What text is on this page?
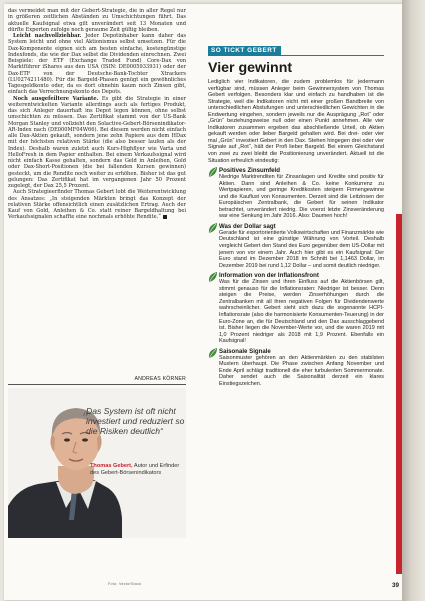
das vermeidet man mit der Gebert-Strategie, die in aller Regel nur in größeren zeitlichen Abständen zu Umschichtungen führt. Das aktuelle Kaufsignal etwa gilt unverändert seit 13 Monaten und dürfte Experten zufolge noch geraume Zeit gültig bleiben.

Leicht nachvollziehbar. Jeder Depotinhaber kann daher das System leicht und ohne viel Aktionismus selbst umsetzen. Für die Dax-Komponente eignen sich am besten einfache, kostengünstige Indexfonds, die wie der Dax selbst die Dividenden einrechnen. Zwei Beispiele: der ETF (Exchange Traded Fund) Core-Dax von Marktführer iShares aus den USA (ISIN: DE0005933931) oder der Dax-ETF von der Deutsche-Bank-Tochter Xtrackers (LU0274211480). Für die Bargeld-Phasen genügt ein gewöhnliches Tagesgeldkonto oder, da es dort ohnehin kaum noch Zinsen gibt, einfach das Verrechnungskonto des Depots.

Noch ausgefeiltere Variante. Es gibt die Strategie in einer weiterentwickelten Variante allerdings auch als fertiges Produkt, das sich Anleger dauerhaft ins Depot legen können, ohne selbst umschichten zu müssen. Das Zertifikat stammt von der US-Bank Morgan Stanley und vollzieht den Solactive-Gebert-Börsenindikator-AR-Index nach (DE000MF04W66). Bei diesem werden nicht einfach alle Dax-Aktien gekauft, sondern jene zehn Papiere aus dem HDax mit der höchsten relativen Stärke (die also besser laufen als der Index). Deshalb waren zuletzt auch Kurs-Highflyer wie Varta und HelloFresh in dem Papier enthalten. Bei einem Verkaufssignal wird nicht einfach Kasse gehalten, sondern das Geld in Anleihen, Gold oder Dax-Short-Positionen (die bei fallenden Kursen gewinnen) gesteckt, um die Rendite noch weiter zu erhöhen. Bisher ist das gut gelungen: Das Zertifikat hat im vergangenen Jahr 50 Prozent zugelegt, der Dax 25,5 Prozent.

Auch Strategieerfinder Thomas Gebert lobt die Weiterentwicklung des Ansatzes: „In steigenden Märkten bringt das Konzept der relativen Stärke offensichtlich einen zusätzlichen Ertrag. Auch der Kauf von Gold, Anleihen & Co. statt reiner Bargeldhaltung bei Verkaufssignalen schaffte eine nochmals erhöhte Rendite.“

ANDREAS KÖRNER
„
Das System ist oft nicht investiert und reduziert so die Risiken deutlich“
Thomas Gebert, Autor und Erfinder des Gebert-Börsenindikators
Foto: VectorStock
SO TICKT GEBERT
Vier gewinnt

Lediglich vier Indikatoren, die zudem problemlos für jedermann verfügbar sind, müssen Anleger beim Gewinnersystem von Thomas Gebert verfolgen. Besonders klar und einfach zu handhaben ist die Strategie, weil die Indikatoren nicht mit einer großen Bandbreite von unterschiedlichen Abstufungen und unterschiedlichen Gewichten in die Endwertung eingehen, sondern jeweils nur die Ausprägung „Rot“ oder „Grün“ beziehungsweise null oder einen Punkt annehmen. Alle vier Indikatoren zusammen ergeben das abschließende Urteil, ob Aktien gekauft werden oder lieber Bargeld gehalten wird. Bei drei- oder vier mal „Grün“ investiert Gebert in den Dax. Stehen hingegen drei oder vier Signale auf „Rot“, hält der Profi lieber Bargeld. Bei einem Gleichstand von zwei zu zwei bleibt die Positionierung unverändert. Aktuell ist die Situation erfreulich eindeutig:

Positives Zinsumfeld

Niedrige Marktrenditen für Zinsanlagen und Kredite sind positiv für Aktien. Dann sind Anleihen & Co. keine Konkurrenz zu Wertpapieren, und geringe Kreditkosten steigern Firmengewinne und die Kauflust von Konsumenten. Derzeit sind die Leitzinsen der Europäischen Zentralbank, die Gebert für seinen Indikator betrachtet, unverändert niedrig. Die voerst letzte Zinsveränderung war eine Senkung im Jahr 2016. Also: Daumen hoch!

Was der Dollar sagt

Gerade für exportorientierte Volkswirtschaften und Finanzmärkte wie Deutschland ist eine günstige Währung von Vorteil. Deshalb vergleicht Gebert den Stand des Euro gegenüber dem US-Dollar mit jenem von vor einem Jahr. Auch hier gibt es ein Kaufsignal: Der Euro stand im Dezember 2018 im Schnitt bei 1,1463 Dollar, im Dezember 2019 bei rund 1,12 Dollar – und somit deutlich niedriger.

Information von der Inflationsfront

Was für die Zinsen und ihren Einfluss auf die Aktienbörsen gilt, stimmt genauso für die Inflationsraten: Niedriger ist besser. Denn steigen die Preise, werden Zinserhöhungen durch die Zentralbanken mit all ihren negativen Folgen für Dividendenwerte wahrscheinlicher. Gebert sieht sich dazu die sogenannte HCPI-Inflationsrate (also die harmonisierte Konsumenten-Teuerung) in der Euro-Zone an, die für Deutschland und den Dax ausschlaggebend ist. Bisher liegen die November-Werte vor, und die waren 2019 mit 1,0 Prozent niedriger als 2018 mit 1,9 Prozent. Ebenfalls ein Kaufsignal!

Saisonale Signale

Saisonmuster gehören an den Aktienmärkten zu den stabilsten Mustern überhaupt. Die Phase zwischen Anfang November und Ende April schlägt traditionell die eher turbulenten Sommermonate. Daher sendet auch die Saisonalität derzeit ein klares Einstiegszeichen.

39
